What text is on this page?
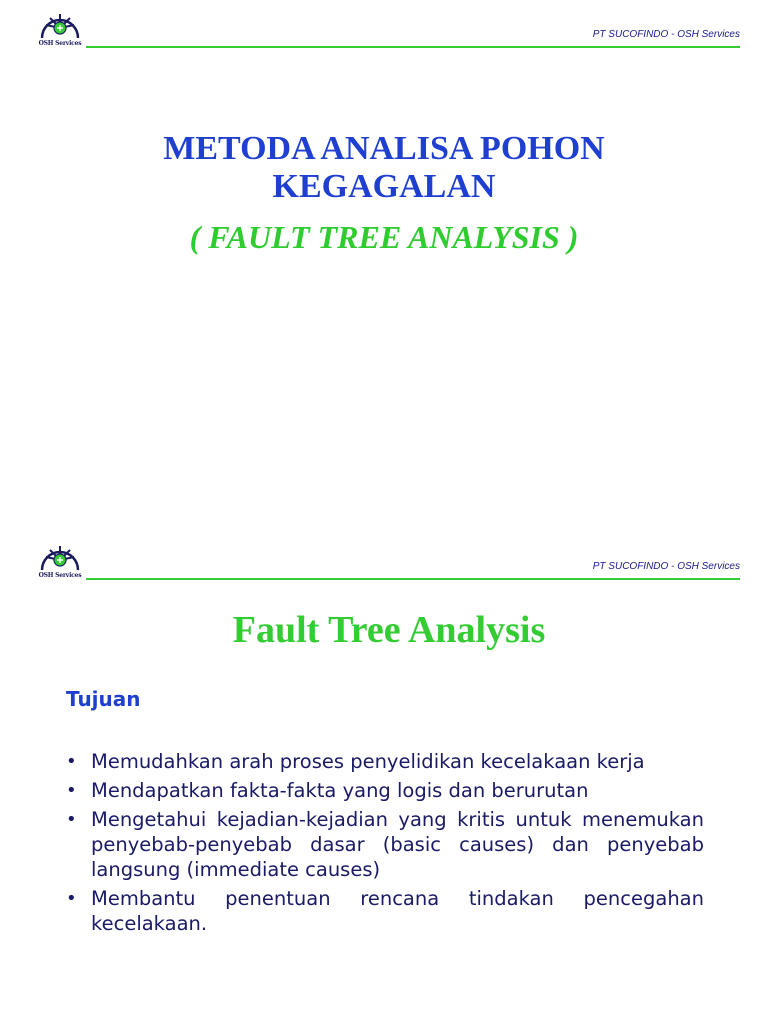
OSH Services
PT SUCOFINDO - OSH Services
METODA ANALISA POHON
KEGAGALAN
( FAULT TREE ANALYSIS )
OSH Services
PT SUCOFINDO - OSH Services
Fault Tree Analysis
Tujuan
• Memudahkan arah proses penyelidikan kecelakaan kerja
• Mendapatkan fakta-fakta yang logis dan berurutan
• Mengetahui kejadian-kejadian yang kritis untuk menemukan penyebab-penyebab dasar (basic causes) dan penyebab langsung (immediate causes)
• Membantu penentuan rencana tindakan pencegahan kecelakaan.
